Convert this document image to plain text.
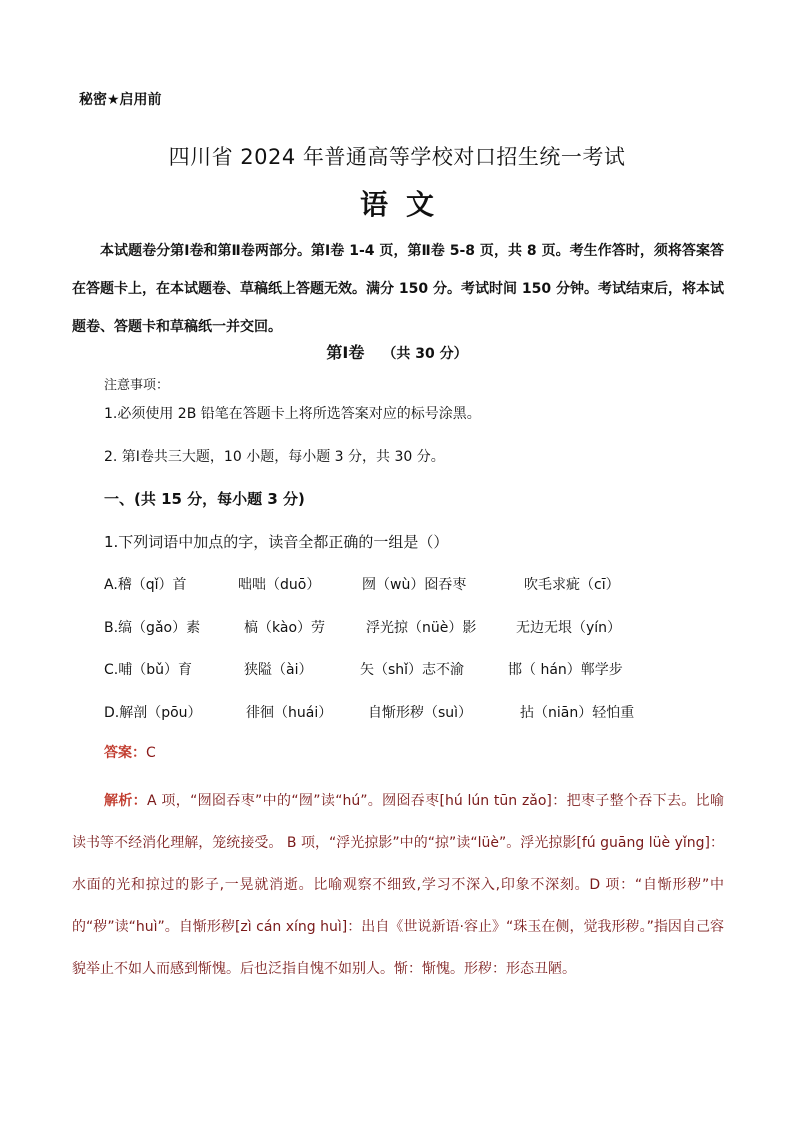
秘密★启用前
四川省 2024 年普通高等学校对口招生统一考试
语文
本试题卷分第Ⅰ卷和第Ⅱ卷两部分。第Ⅰ卷 1-4 页，第Ⅱ卷 5-8 页，共 8 页。考生作答时，须将答案答在答题卡上，在本试题卷、草稿纸上答题无效。满分 150 分。考试时间 150 分钟。考试结束后，将本试题卷、答题卡和草稿纸一并交回。
第Ⅰ卷 （共 30 分）
注意事项：
1.必须使用 2B 铅笔在答题卡上将所选答案对应的标号涂黑。
2. 第Ⅰ卷共三大题，10 小题，每小题 3 分，共 30 分。
一、(共 15 分，每小题 3 分)
1.下列词语中加点的字，读音全都正确的一组是（）
A.稽（qǐ）首	咄咄（duō）	囫（wù）囵吞枣	吹毛求疵（cī）
B.缟（gǎo）素	槁（kào）劳	浮光掠（nüè）影	无边无垠（yín）
C.哺（bǔ）育	狭隘（ài）	矢（shǐ）志不渝	邯（ hán）郸学步
D.解剖（pōu）	徘徊（huái）	自惭形秽（suì）	拈（niān）轻怕重
答案：C
解析：A 项，“囫囵吞枣”中的“囫”读“hú”。囫囵吞枣[hú lún tūn zǎo]：把枣子整个吞下去。比喻读书等不经消化理解，笼统接受。 B 项，“浮光掠影”中的“掠”读“lüè”。浮光掠影[fú guāng lüè yǐng]：水面的光和掠过的影子,一晃就消逝。比喻观察不细致,学习不深入,印象不深刻。D 项：“自惭形秽”中的“秽”读“huì”。自惭形秽[zì cán xíng huì]：出自《世说新语·容止》“珠玉在侧，觉我形秽。”指因自己容貌举止不如人而感到惭愧。后也泛指自愧不如别人。惭：惭愧。形秽：形态丑陋。
